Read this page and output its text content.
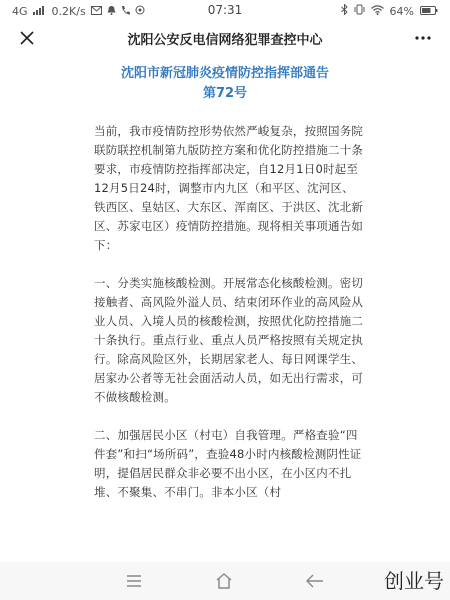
4G 0.2K/s	64%
07:31
沈阳公安反电信网络犯罪查控中心
沈阳市新冠肺炎疫情防控指挥部通告
第72号

当前，我市疫情防控形势依然严峻复杂，按照国务院联防联控机制第九版防控方案和优化防控措施二十条要求，市疫情防控指挥部决定，自12月1日0时起至12月5日24时，调整市内九区（和平区、沈河区、铁西区、皇姑区、大东区、浑南区、于洪区、沈北新区、苏家屯区）疫情防控措施。现将相关事项通告如下：

一、分类实施核酸检测。开展常态化核酸检测。密切接触者、高风险外溢人员、结束闭环作业的高风险从业人员、入境人员的核酸检测，按照优化防控措施二十条执行。重点行业、重点人员严格按照有关规定执行。除高风险区外，长期居家老人、每日网课学生、居家办公者等无社会面活动人员，如无出行需求，可不做核酸检测。

二、加强居民小区（村屯）自我管理。严格查验“四件套”和扫“场所码”，查验48小时内核酸检测阴性证明，提倡居民群众非必要不出小区，在小区内不扎堆、不聚集、不串门。非本小区（村

创业号
